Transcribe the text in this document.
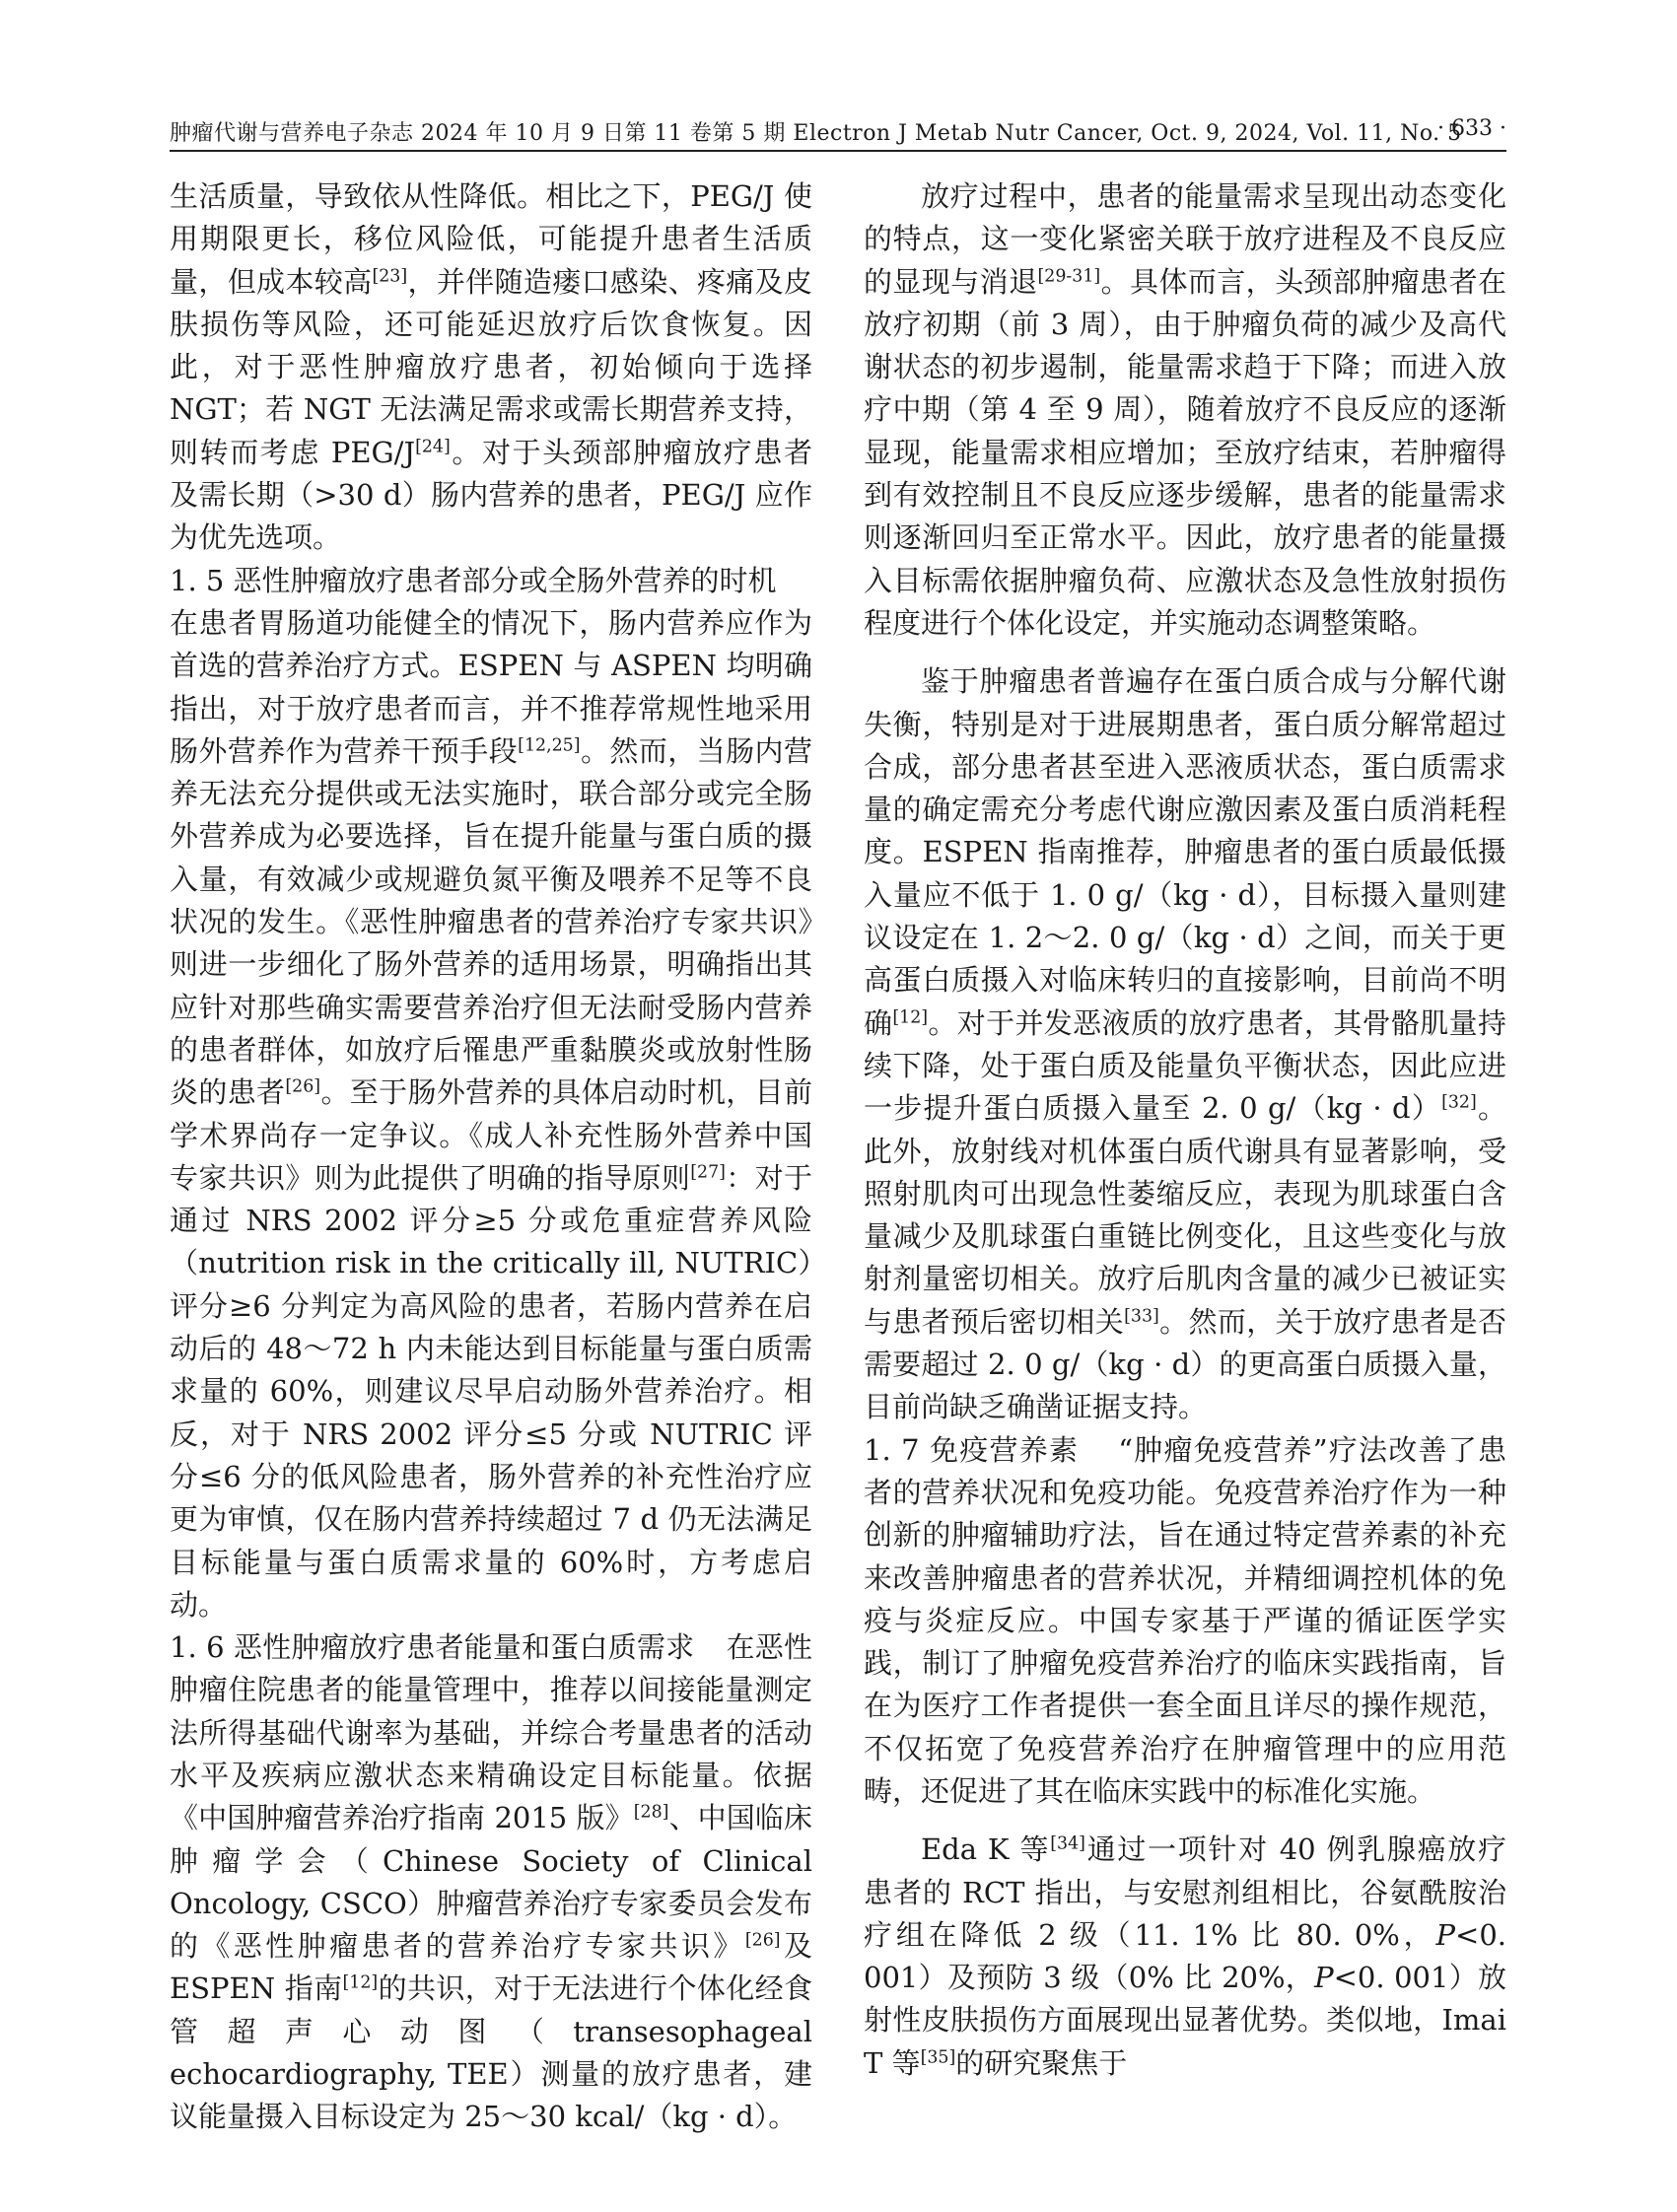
肿瘤代谢与营养电子杂志 2024 年 10 月 9 日第 11 卷第 5 期 Electron J Metab Nutr Cancer, Oct. 9, 2024, Vol. 11, No. 5
· 633 ·

生活质量，导致依从性降低。相比之下，PEG/J 使用期限更长，移位风险低，可能提升患者生活质量，但成本较高[23]，并伴随造瘘口感染、疼痛及皮肤损伤等风险，还可能延迟放疗后饮食恢复。因此，对于恶性肿瘤放疗患者，初始倾向于选择 NGT；若 NGT 无法满足需求或需长期营养支持，则转而考虑 PEG/J[24]。对于头颈部肿瘤放疗患者及需长期（>30 d）肠内营养的患者，PEG/J 应作为优先选项。

1. 5 恶性肿瘤放疗患者部分或全肠外营养的时机

在患者胃肠道功能健全的情况下，肠内营养应作为首选的营养治疗方式。ESPEN 与 ASPEN 均明确指出，对于放疗患者而言，并不推荐常规性地采用肠外营养作为营养干预手段[12,25]。然而，当肠内营养无法充分提供或无法实施时，联合部分或完全肠外营养成为必要选择，旨在提升能量与蛋白质的摄入量，有效减少或规避负氮平衡及喂养不足等不良状况的发生。《恶性肿瘤患者的营养治疗专家共识》则进一步细化了肠外营养的适用场景，明确指出其应针对那些确实需要营养治疗但无法耐受肠内营养的患者群体，如放疗后罹患严重黏膜炎或放射性肠炎的患者[26]。至于肠外营养的具体启动时机，目前学术界尚存一定争议。《成人补充性肠外营养中国专家共识》则为此提供了明确的指导原则[27]：对于通过 NRS 2002 评分≥5 分或危重症营养风险（nutrition risk in the critically ill, NUTRIC）评分≥6 分判定为高风险的患者，若肠内营养在启动后的 48～72 h 内未能达到目标能量与蛋白质需求量的 60%，则建议尽早启动肠外营养治疗。相反，对于 NRS 2002 评分≤5 分或 NUTRIC 评分≤6 分的低风险患者，肠外营养的补充性治疗应更为审慎，仅在肠内营养持续超过 7 d 仍无法满足目标能量与蛋白质需求量的 60%时，方考虑启动。

1. 6 恶性肿瘤放疗患者能量和蛋白质需求 在恶性肿瘤住院患者的能量管理中，推荐以间接能量测定法所得基础代谢率为基础，并综合考量患者的活动水平及疾病应激状态来精确设定目标能量。依据《中国肿瘤营养治疗指南 2015 版》[28]、中国临床肿瘤学会（Chinese Society of Clinical Oncology, CSCO）肿瘤营养治疗专家委员会发布的《恶性肿瘤患者的营养治疗专家共识》[26]及 ESPEN 指南[12]的共识，对于无法进行个体化经食管超声心动图（transesophageal echocardiography, TEE）测量的放疗患者，建议能量摄入目标设定为 25～30 kcal/（kg · d）。

放疗过程中，患者的能量需求呈现出动态变化的特点，这一变化紧密关联于放疗进程及不良反应的显现与消退[29-31]。具体而言，头颈部肿瘤患者在放疗初期（前 3 周），由于肿瘤负荷的减少及高代谢状态的初步遏制，能量需求趋于下降；而进入放疗中期（第 4 至 9 周），随着放疗不良反应的逐渐显现，能量需求相应增加；至放疗结束，若肿瘤得到有效控制且不良反应逐步缓解，患者的能量需求则逐渐回归至正常水平。因此，放疗患者的能量摄入目标需依据肿瘤负荷、应激状态及急性放射损伤程度进行个体化设定，并实施动态调整策略。

鉴于肿瘤患者普遍存在蛋白质合成与分解代谢失衡，特别是对于进展期患者，蛋白质分解常超过合成，部分患者甚至进入恶液质状态，蛋白质需求量的确定需充分考虑代谢应激因素及蛋白质消耗程度。ESPEN 指南推荐，肿瘤患者的蛋白质最低摄入量应不低于 1. 0 g/（kg · d），目标摄入量则建议设定在 1. 2～2. 0 g/（kg · d）之间，而关于更高蛋白质摄入对临床转归的直接影响，目前尚不明确[12]。对于并发恶液质的放疗患者，其骨骼肌量持续下降，处于蛋白质及能量负平衡状态，因此应进一步提升蛋白质摄入量至 2. 0 g/（kg · d）[32]。此外，放射线对机体蛋白质代谢具有显著影响，受照射肌肉可出现急性萎缩反应，表现为肌球蛋白含量减少及肌球蛋白重链比例变化，且这些变化与放射剂量密切相关。放疗后肌肉含量的减少已被证实与患者预后密切相关[33]。然而，关于放疗患者是否需要超过 2. 0 g/（kg · d）的更高蛋白质摄入量，目前尚缺乏确凿证据支持。

1. 7 免疫营养素 “肿瘤免疫营养”疗法改善了患者的营养状况和免疫功能。免疫营养治疗作为一种创新的肿瘤辅助疗法，旨在通过特定营养素的补充来改善肿瘤患者的营养状况，并精细调控机体的免疫与炎症反应。中国专家基于严谨的循证医学实践，制订了肿瘤免疫营养治疗的临床实践指南，旨在为医疗工作者提供一套全面且详尽的操作规范，不仅拓宽了免疫营养治疗在肿瘤管理中的应用范畴，还促进了其在临床实践中的标准化实施。

Eda K 等[34]通过一项针对 40 例乳腺癌放疗患者的 RCT 指出，与安慰剂组相比，谷氨酰胺治疗组在降低 2 级（11. 1% 比 80. 0%，P<0. 001）及预防 3 级（0% 比 20%，P<0. 001）放射性皮肤损伤方面展现出显著优势。类似地，Imai T 等[35]的研究聚焦于
